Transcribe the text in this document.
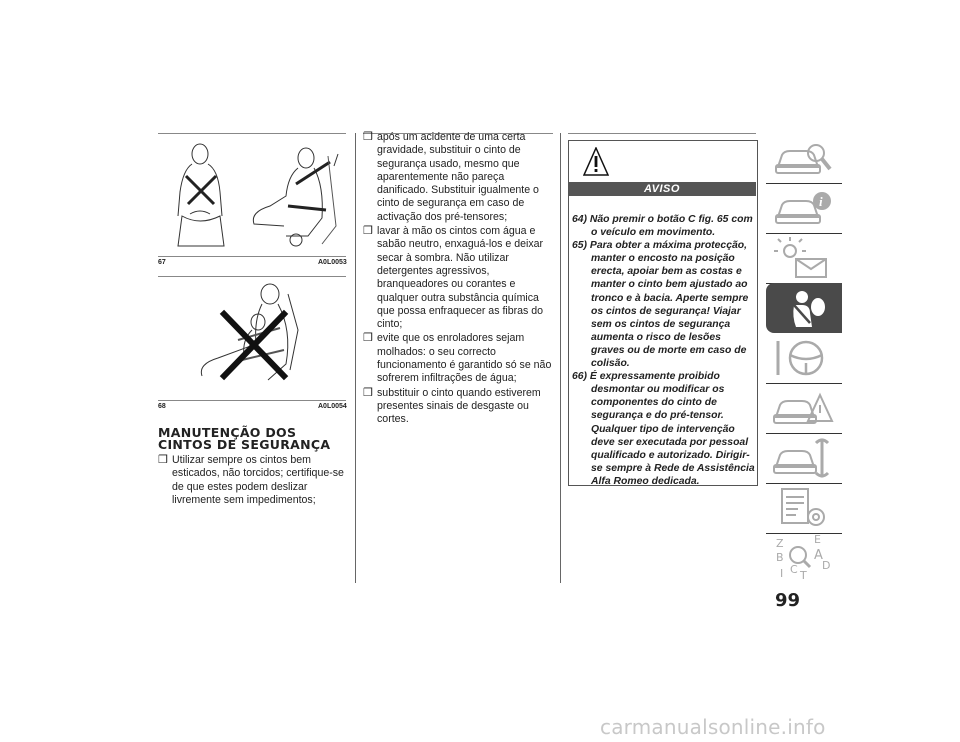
67	A0L0053
68	A0L0054
MANUTENÇÃO DOS
CINTOS DE SEGURANÇA
❒ Utilizar sempre os cintos bem esticados, não torcidos; certifique-se de que estes podem deslizar livremente sem impedimentos;
❒ após um acidente de uma certa gravidade, substituir o cinto de segurança usado, mesmo que aparentemente não pareça danificado. Substituir igualmente o cinto de segurança em caso de activação dos pré-tensores;
❒ lavar à mão os cintos com água e sabão neutro, enxaguá-los e deixar secar à sombra. Não utilizar detergentes agressivos, branqueadores ou corantes e qualquer outra substância química que possa enfraquecer as fibras do cinto;
❒ evite que os enroladores sejam molhados: o seu correcto funcionamento é garantido só se não sofrerem infiltrações de água;
❒ substituir o cinto quando estiverem presentes sinais de desgaste ou cortes.
AVISO
64) Não premir o botão C fig. 65 com o veículo em movimento.
65) Para obter a máxima protecção, manter o encosto na posição erecta, apoiar bem as costas e manter o cinto bem ajustado ao tronco e à bacia. Aperte sempre os cintos de segurança! Viajar sem os cintos de segurança aumenta o risco de lesões graves ou de morte em caso de colisão.
66) É expressamente proibido desmontar ou modificar os componentes do cinto de segurança e do pré-tensor. Qualquer tipo de intervenção deve ser executada por pessoal qualificado e autorizado. Dirigir-se sempre à Rede de Assistência Alfa Romeo dedicada.
i
Z	E
B A
D
I C T
99
carmanualsonline.info
